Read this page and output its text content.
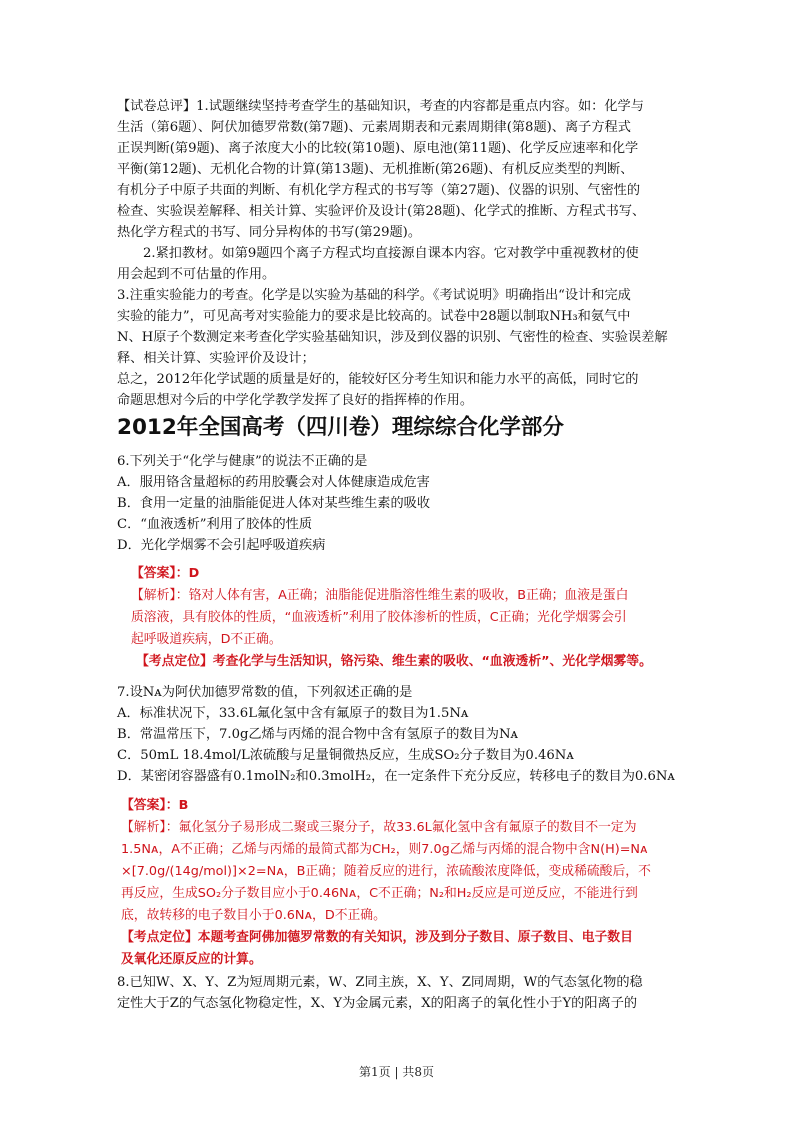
【试卷总评】1.试题继续坚持考查学生的基础知识，考查的内容都是重点内容。如：化学与
生活（第6题）、阿伏加德罗常数(第7题)、元素周期表和元素周期律(第8题)、离子方程式
正误判断(第9题)、离子浓度大小的比较(第10题)、原电池(第11题)、化学反应速率和化学
平衡(第12题)、无机化合物的计算(第13题)、无机推断(第26题)、有机反应类型的判断、
有机分子中原子共面的判断、有机化学方程式的书写等（第27题)、仪器的识别、气密性的
检查、实验误差解释、相关计算、实验评价及设计(第28题)、化学式的推断、方程式书写、
热化学方程式的书写、同分异构体的书写(第29题)。
2.紧扣教材。如第9题四个离子方程式均直接源自课本内容。它对教学中重视教材的使
用会起到不可估量的作用。
3.注重实验能力的考查。化学是以实验为基础的科学。《考试说明》明确指出“设计和完成
实验的能力”，可见高考对实验能力的要求是比较高的。试卷中28题以制取NH₃和氨气中
N、H原子个数测定来考查化学实验基础知识，涉及到仪器的识别、气密性的检查、实验误差解
释、相关计算、实验评价及设计；
总之，2012年化学试题的质量是好的，能较好区分考生知识和能力水平的高低，同时它的
命题思想对今后的中学化学教学发挥了良好的指挥棒的作用。
2012年全国高考（四川卷）理综综合化学部分
6.下列关于“化学与健康”的说法不正确的是
A．服用铬含量超标的药用胶囊会对人体健康造成危害
B．食用一定量的油脂能促进人体对某些维生素的吸收
C．“血液透析”利用了胶体的性质
D．光化学烟雾不会引起呼吸道疾病
【答案】：D
【解析】：铬对人体有害，A正确；油脂能促进脂溶性维生素的吸收，B正确；血液是蛋白
质溶液，具有胶体的性质，“血液透析”利用了胶体渗析的性质，C正确；光化学烟雾会引
起呼吸道疾病，D不正确。
【考点定位】考查化学与生活知识，铬污染、维生素的吸收、“血液透析”、光化学烟雾等。
7.设Nᴀ为阿伏加德罗常数的值，下列叙述正确的是
A．标准状况下，33.6L氟化氢中含有氟原子的数目为1.5Nᴀ
B．常温常压下，7.0g乙烯与丙烯的混合物中含有氢原子的数目为Nᴀ
C．50mL 18.4mol/L浓硫酸与足量铜微热反应，生成SO₂分子数目为0.46Nᴀ
D．某密闭容器盛有0.1molN₂和0.3molH₂，在一定条件下充分反应，转移电子的数目为0.6Nᴀ
【答案】：B
【解析】：氟化氢分子易形成二聚或三聚分子，故33.6L氟化氢中含有氟原子的数目不一定为
1.5Nᴀ，A不正确；乙烯与丙烯的最简式都为CH₂，则7.0g乙烯与丙烯的混合物中含N(H)=Nᴀ
×[7.0g/(14g/mol)]×2=Nᴀ，B正确；随着反应的进行，浓硫酸浓度降低，变成稀硫酸后，不
再反应，生成SO₂分子数目应小于0.46Nᴀ，C不正确；N₂和H₂反应是可逆反应，不能进行到
底，故转移的电子数目小于0.6Nᴀ，D不正确。
【考点定位】本题考查阿佛加德罗常数的有关知识，涉及到分子数目、原子数目、电子数目
及氧化还原反应的计算。
8.已知W、X、Y、Z为短周期元素，W、Z同主族，X、Y、Z同周期，W的气态氢化物的稳
定性大于Z的气态氢化物稳定性，X、Y为金属元素，X的阳离子的氧化性小于Y的阳离子的
第1页 | 共8页
